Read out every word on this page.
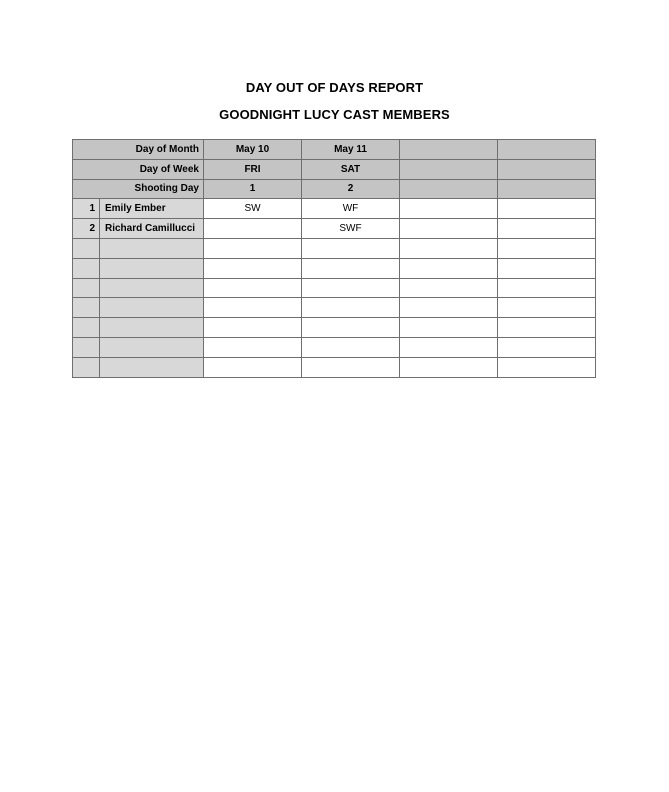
DAY OUT OF DAYS REPORT
GOODNIGHT LUCY CAST MEMBERS
Day of Month		May 10	May 11		
Day of Week		FRI	SAT		
Shooting Day		1	2		
1	Emily Ember	SW	WF		
2	Richard Camillucci		SWF		
